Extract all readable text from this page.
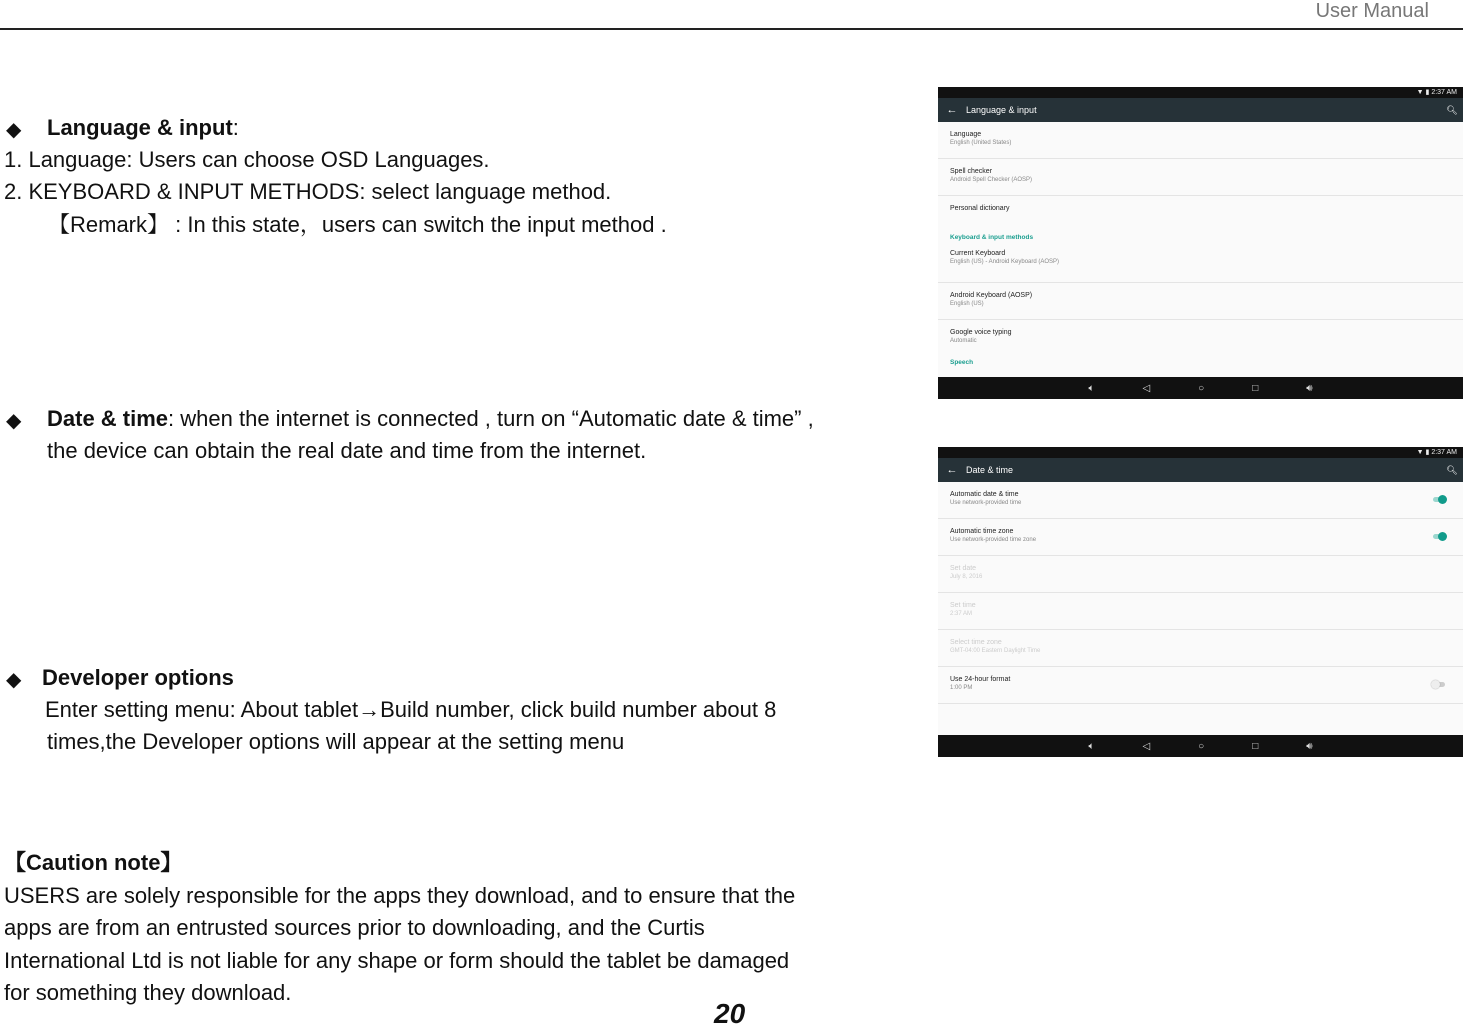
User Manual
◆ Language & input:
1. Language: Users can choose OSD Languages.
2. KEYBOARD & INPUT METHODS: select language method.
【Remark】 : In this state，users can switch the input method .
◆ Date & time: when the internet is connected , turn on “Automatic date & time” ,
the device can obtain the real date and time from the internet.
◆ Developer options
Enter setting menu: About tablet→Build number, click build number about 8
times,the Developer options will appear at the setting menu
【Caution note】
USERS are solely responsible for the apps they download, and to ensure that the
apps are from an entrusted sources prior to downloading, and the Curtis
International Ltd is not liable for any shape or form should the tablet be damaged
for something they download.
20
▼ ▮ 2:37 AM
← Language & input	🔍︎
Language
English (United States)
Spell checker
Android Spell Checker (AOSP)
Personal dictionary
Keyboard & input methods
Current Keyboard
English (US) - Android Keyboard (AOSP)
Android Keyboard (AOSP)
English (US)
Google voice typing
Automatic
Speech
🔈︎	◁	○	□	🔊︎
▼ ▮ 2:37 AM
← Date & time	🔍︎
Automatic date & time
Use network-provided time
Automatic time zone
Use network-provided time zone
Set date
July 8, 2016
Set time
2:37 AM
Select time zone
GMT-04:00 Eastern Daylight Time
Use 24-hour format
1:00 PM
🔈︎	◁	○	□	🔊︎
